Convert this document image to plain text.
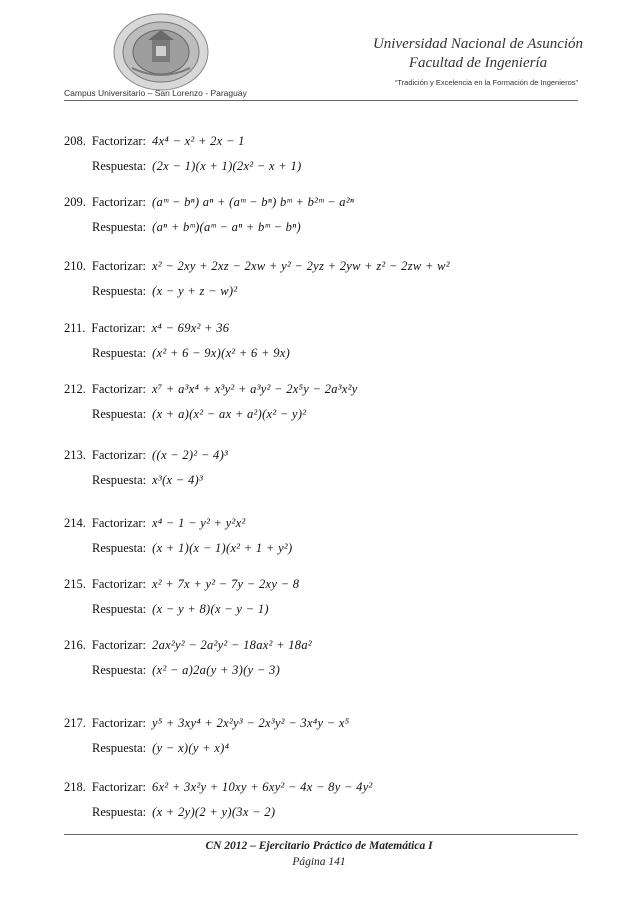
Universidad Nacional de Asunción
Facultad de Ingeniería
“Tradición y Excelencia en la Formación de Ingenieros”
Campus Universitario – San Lorenzo - Paraguay
208. Factorizar: 4x⁴ − x² + 2x − 1
Respuesta: (2x − 1)(x + 1)(2x² − x + 1)
209. Factorizar: (aᵐ − bⁿ) aⁿ + (aᵐ − bⁿ) bᵐ + b²ᵐ − a²ⁿ
Respuesta: (aⁿ + bᵐ)(aᵐ − aⁿ + bᵐ − bⁿ)
210. Factorizar: x² − 2xy + 2xz − 2xw + y² − 2yz + 2yw + z² − 2zw + w²
Respuesta: (x − y + z − w)²
211. Factorizar: x⁴ − 69x² + 36
Respuesta: (x² + 6 − 9x)(x² + 6 + 9x)
212. Factorizar: x⁷ + a³x⁴ + x³y² + a³y² − 2x⁵y − 2a³x²y
Respuesta: (x + a)(x² − ax + a²)(x² − y)²
213. Factorizar: ((x − 2)² − 4)³
Respuesta: x³(x − 4)³
214. Factorizar: x⁴ − 1 − y² + y²x²
Respuesta: (x + 1)(x − 1)(x² + 1 + y²)
215. Factorizar: x² + 7x + y² − 7y − 2xy − 8
Respuesta: (x − y + 8)(x − y − 1)
216. Factorizar: 2ax²y² − 2a²y² − 18ax² + 18a²
Respuesta: (x² − a)2a(y + 3)(y − 3)
217. Factorizar: y⁵ + 3xy⁴ + 2x²y³ − 2x³y² − 3x⁴y − x⁵
Respuesta: (y − x)(y + x)⁴
218. Factorizar: 6x² + 3x²y + 10xy + 6xy² − 4x − 8y − 4y²
Respuesta: (x + 2y)(2 + y)(3x − 2)
CN 2012 – Ejercitario Práctico de Matemática I
Página 141
